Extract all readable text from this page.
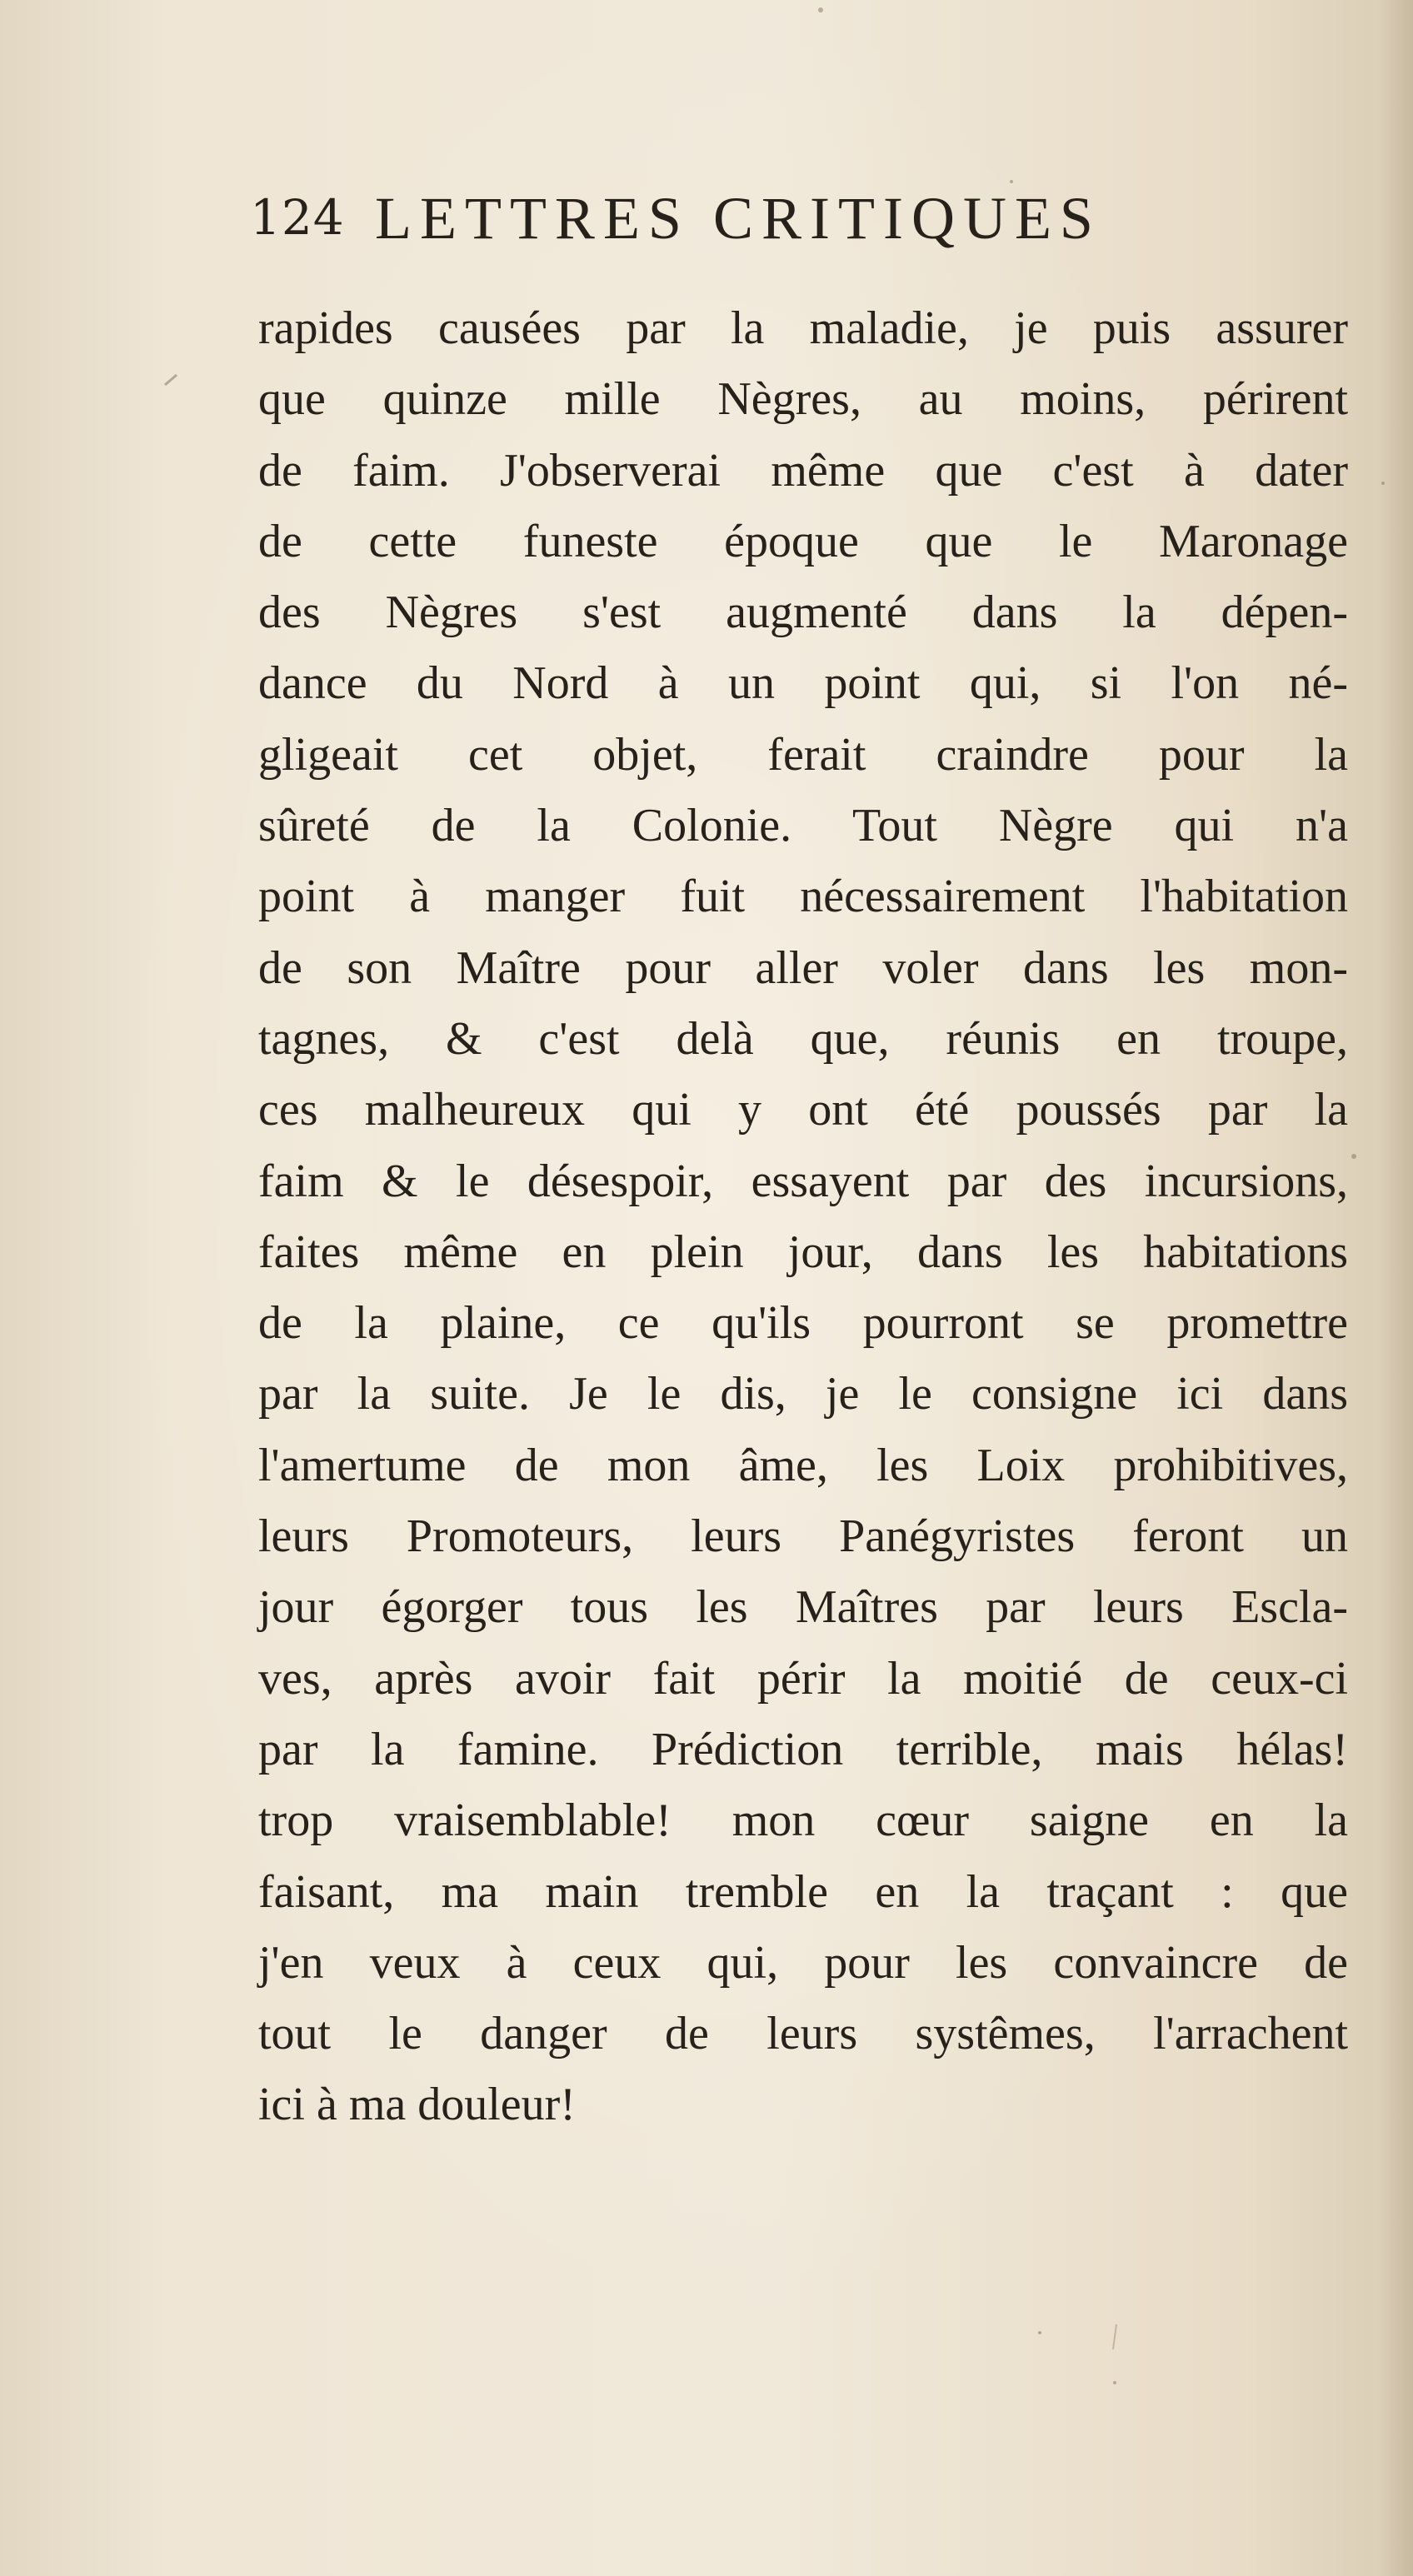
124 LETTRES CRITIQUES
rapides causées par la maladie, je puis assurer
que quinze mille Nègres, au moins, périrent
de faim. J'observerai même que c'est à dater
de cette funeste époque que le Maronage
des Nègres s'est augmenté dans la dépen-
dance du Nord à un point qui, si l'on né-
gligeait cet objet, ferait craindre pour la
sûreté de la Colonie. Tout Nègre qui n'a
point à manger fuit nécessairement l'habitation
de son Maître pour aller voler dans les mon-
tagnes, & c'est delà que, réunis en troupe,
ces malheureux qui y ont été poussés par la
faim & le désespoir, essayent par des incursions,
faites même en plein jour, dans les habitations
de la plaine, ce qu'ils pourront se promettre
par la suite. Je le dis, je le consigne ici dans
l'amertume de mon âme, les Loix prohibitives,
leurs Promoteurs, leurs Panégyristes feront un
jour égorger tous les Maîtres par leurs Escla-
ves, après avoir fait périr la moitié de ceux-ci
par la famine. Prédiction terrible, mais hélas!
trop vraisemblable! mon cœur saigne en la
faisant, ma main tremble en la traçant : que
j'en veux à ceux qui, pour les convaincre de
tout le danger de leurs systêmes, l'arrachent
ici à ma douleur!
